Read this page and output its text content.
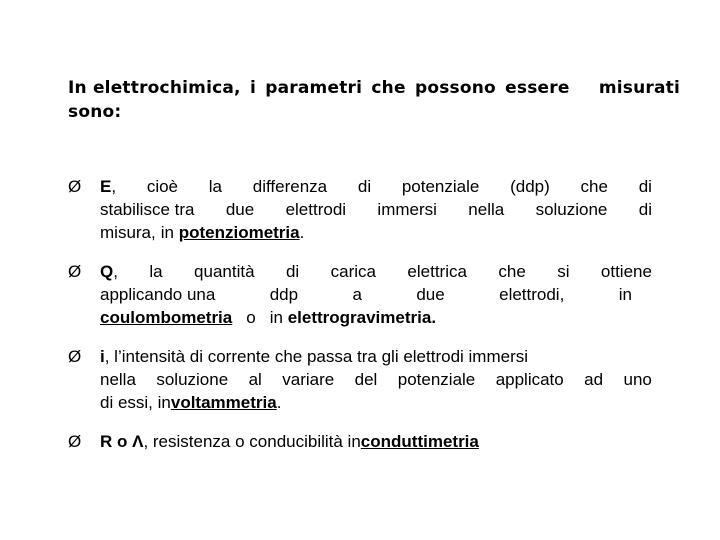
In elettrochimica, i parametri che possono essere misurati
sono:
Ø	E, cioè la differenza di potenziale (ddp) che di
stabilisce tra due elettrodi immersi nella soluzione di
misura, in potenziometria.
Ø	Q, la quantità di carica elettrica che si ottiene
applicando una	ddp	a	due	elettrodi,	in
coulombometria o in elettrogravimetria.
Ø	i , l’intensità di corrente che passa tra gli elettrodi immersi
nella soluzione al variare del potenziale applicato ad uno
di essi, in voltammetria .
Ø	R o Λ , resistenza o conducibilità in conduttimetria
